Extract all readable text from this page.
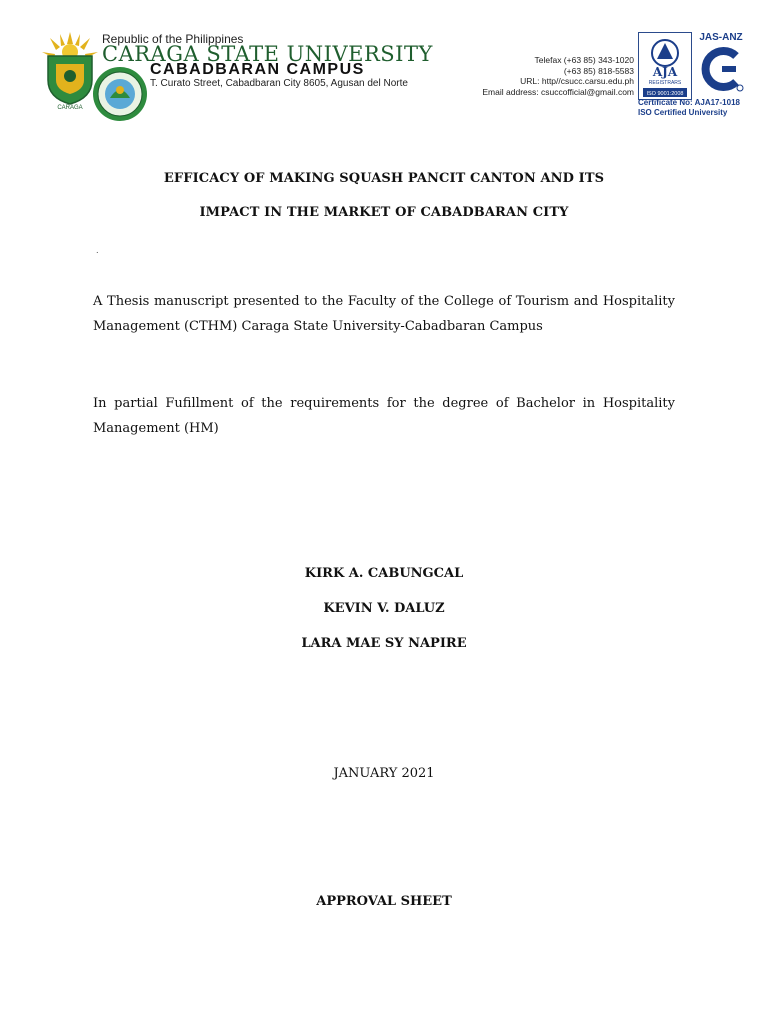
CARAGA
Republic of the Philippines
CARAGA STATE UNIVERSITY
CABADBARAN CAMPUS
T. Curato Street, Cabadbaran City 8605, Agusan del Norte
Telefax (+63 85) 343-1020
(+63 85) 818-5583
URL: http//csucc.carsu.edu.ph
Email address: csuccofficial@gmail.com
AJA
REGISTRARS
ISO 9001:2008
JAS-ANZ
Certificate No: AJA17-1018
ISO Certified University
EFFICACY OF MAKING SQUASH PANCIT CANTON AND ITS
IMPACT IN THE MARKET OF CABADBARAN CITY
.
A Thesis manuscript presented to the Faculty of the College of Tourism and Hospitality Management (CTHM) Caraga State University-Cabadbaran Campus
In partial Fufillment of the requirements for the degree of Bachelor in Hospitality Management (HM)
KIRK A. CABUNGCAL
KEVIN V. DALUZ
LARA MAE SY NAPIRE
JANUARY 2021
APPROVAL SHEET
